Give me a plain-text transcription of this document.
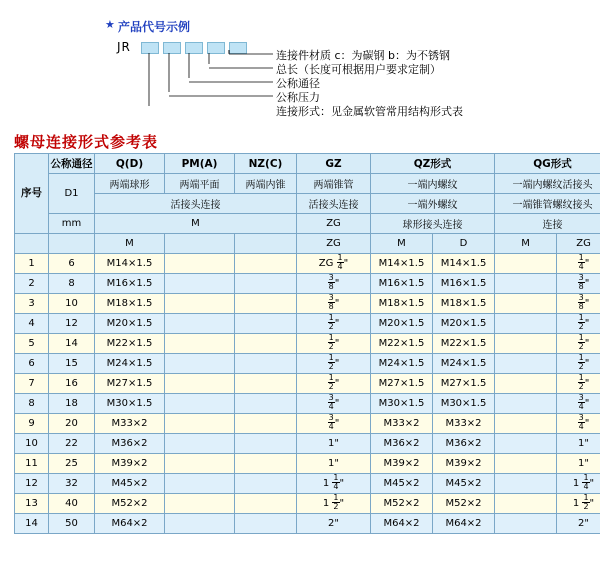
★ 产品代号示例
JR
连接件材质 c：为碳钢 b：为不锈钢
总长（长度可根据用户要求定制）
公称通径
公称压力
连接形式：见金属软管常用结构形式表
螺母连接形式参考表
序号	公称通径	Q(D)	PM(A)	NZ(C)	GZ	QZ形式		QG形式	
	D1	两端球形	两端平面	两端内锥	两端锥管	一端内螺纹		一端内螺纹活接头	
		活接头连接			活接头连接	一端外螺纹		一端锥管螺纹接头	
	mm	M			ZG	球形接头连接		连接	
		M			ZG	M	D	M	ZG
1	6	M14×1.5			ZG $\frac{1}{4}$ "	M14×1.5	M14×1.5		$\frac{1}{4}$ "
2	8	M16×1.5			$\frac{3}{8}$ "	M16×1.5	M16×1.5		$\frac{3}{8}$ "
3	10	M18×1.5			$\frac{3}{8}$ "	M18×1.5	M18×1.5		$\frac{3}{8}$ "
4	12	M20×1.5			$\frac{1}{2}$ "	M20×1.5	M20×1.5		$\frac{1}{2}$ "
5	14	M22×1.5			$\frac{1}{2}$ "	M22×1.5	M22×1.5		$\frac{1}{2}$ "
6	15	M24×1.5			$\frac{1}{2}$ "	M24×1.5	M24×1.5		$\frac{1}{2}$ "
7	16	M27×1.5			$\frac{1}{2}$ "	M27×1.5	M27×1.5		$\frac{1}{2}$ "
8	18	M30×1.5			$\frac{3}{4}$ "	M30×1.5	M30×1.5		$\frac{3}{4}$ "
9	20	M33×2			$\frac{3}{4}$ "	M33×2	M33×2		$\frac{3}{4}$ "
10	22	M36×2			1"	M36×2	M36×2		1"
11	25	M39×2			1"	M39×2	M39×2		1"
12	32	M45×2			$1 \frac{1}{4}$ "	M45×2	M45×2		$1 \frac{1}{4}$ "
13	40	M52×2			$1 \frac{1}{2}$ "	M52×2	M52×2		$1 \frac{1}{2}$ "
14	50	M64×2			2"	M64×2	M64×2		2"
